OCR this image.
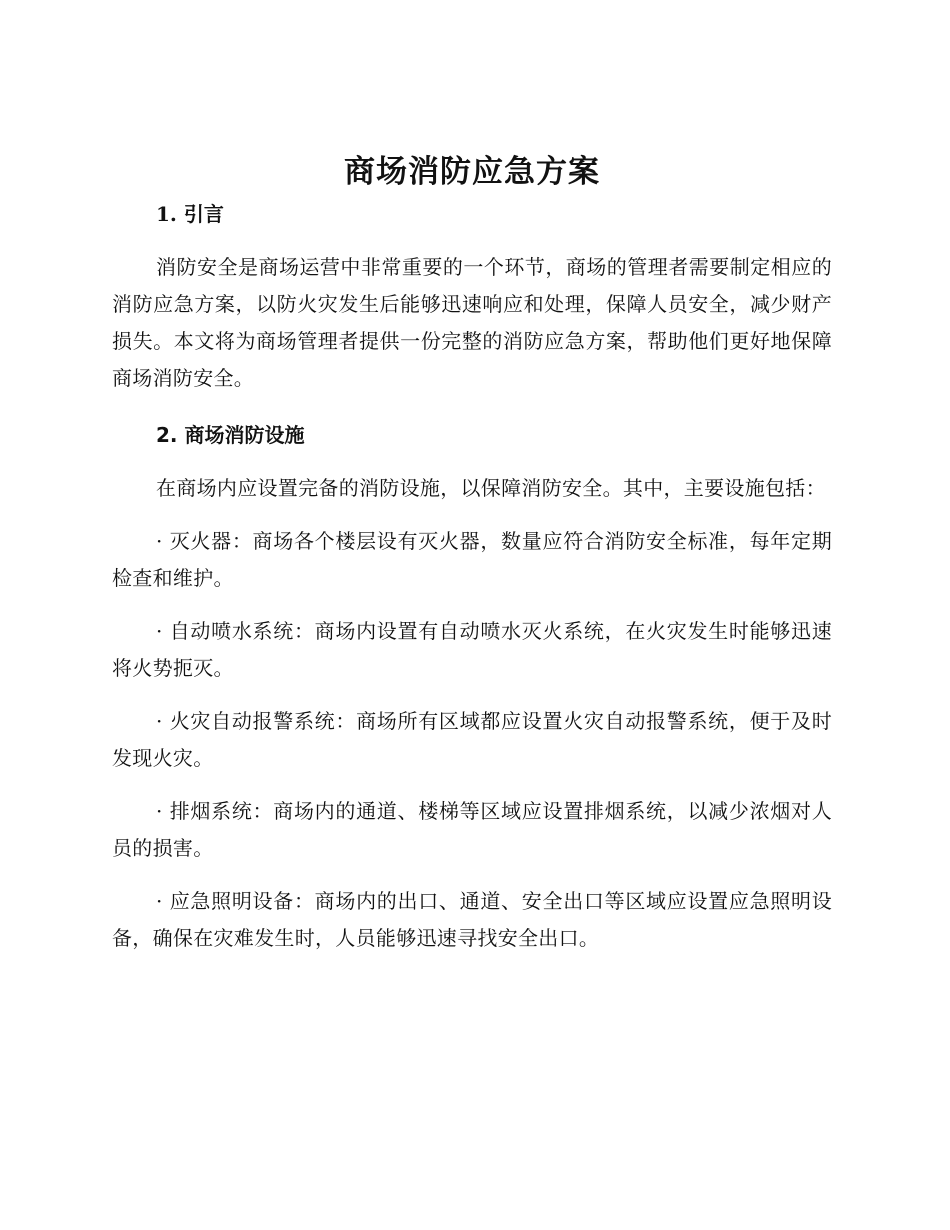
商场消防应急方案
1. 引言

消防安全是商场运营中非常重要的一个环节，商场的管理者需要制定相应的消防应急方案，以防火灾发生后能够迅速响应和处理，保障人员安全，减少财产损失。本文将为商场管理者提供一份完整的消防应急方案，帮助他们更好地保障商场消防安全。

2. 商场消防设施

在商场内应设置完备的消防设施，以保障消防安全。其中，主要设施包括：

· 灭火器：商场各个楼层设有灭火器，数量应符合消防安全标准，每年定期检查和维护。

· 自动喷水系统：商场内设置有自动喷水灭火系统，在火灾发生时能够迅速将火势扼灭。

· 火灾自动报警系统：商场所有区域都应设置火灾自动报警系统，便于及时发现火灾。

· 排烟系统：商场内的通道、楼梯等区域应设置排烟系统，以减少浓烟对人员的损害。

· 应急照明设备：商场内的出口、通道、安全出口等区域应设置应急照明设备，确保在灾难发生时，人员能够迅速寻找安全出口。
